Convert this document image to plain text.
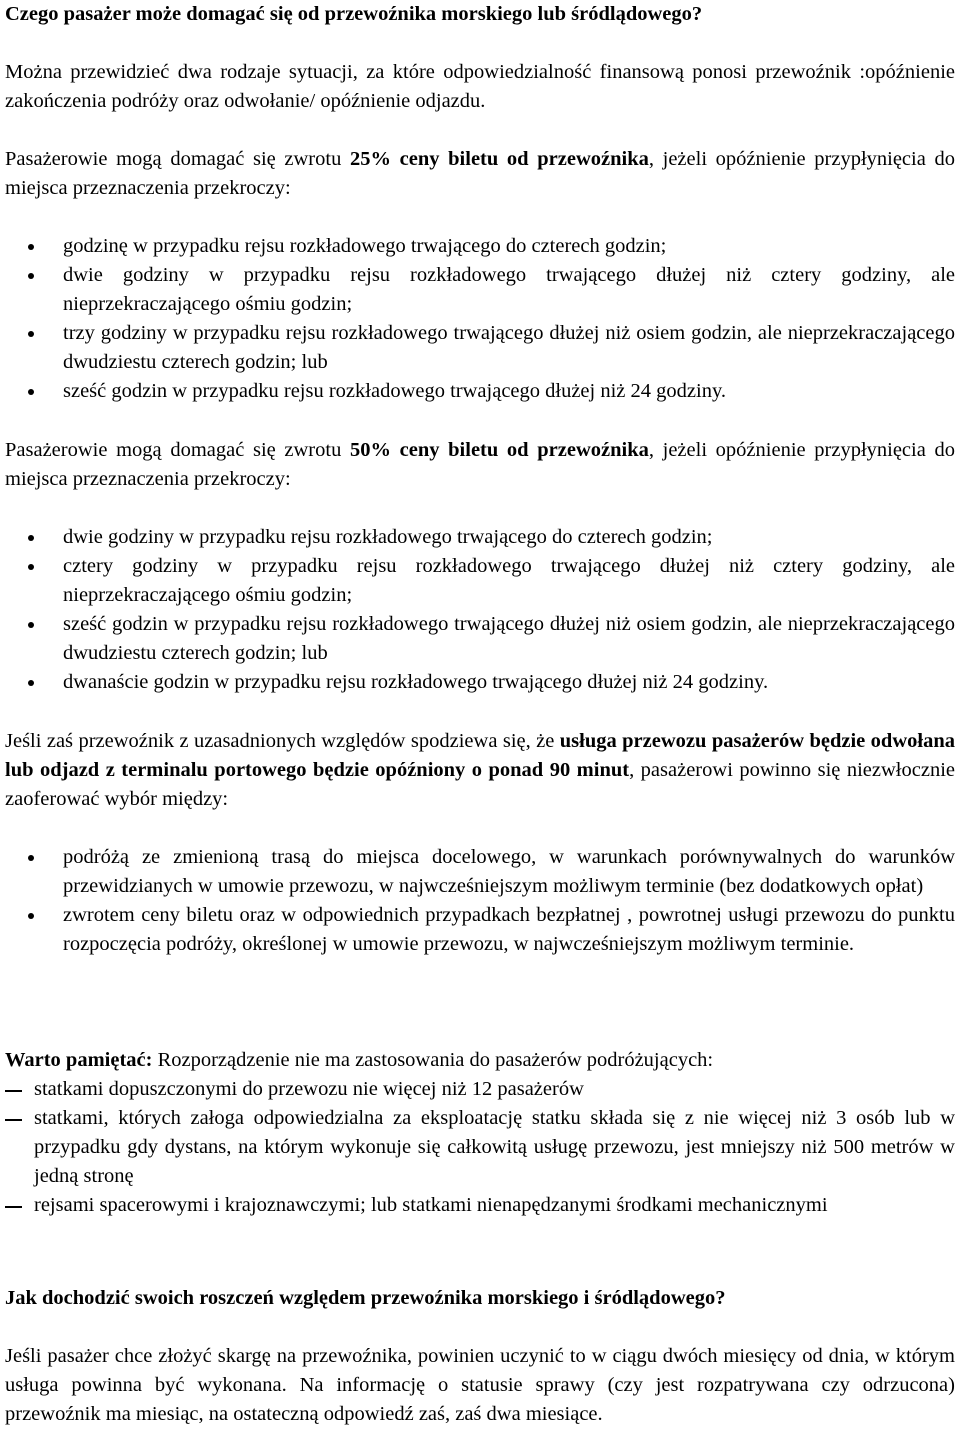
Czego pasażer może domagać się od przewoźnika morskiego lub śródlądowego?

Można przewidzieć dwa rodzaje sytuacji, za które odpowiedzialność finansową ponosi przewoźnik :opóźnienie zakończenia podróży oraz odwołanie/ opóźnienie odjazdu.

Pasażerowie mogą domagać się zwrotu 25% ceny biletu od przewoźnika, jeżeli opóźnienie przypłynięcia do miejsca przeznaczenia przekroczy:

godzinę w przypadku rejsu rozkładowego trwającego do czterech godzin;
dwie godziny w przypadku rejsu rozkładowego trwającego dłużej niż cztery godziny, ale nieprzekraczającego ośmiu godzin;
trzy godziny w przypadku rejsu rozkładowego trwającego dłużej niż osiem godzin, ale nieprzekraczającego dwudziestu czterech godzin; lub
sześć godzin w przypadku rejsu rozkładowego trwającego dłużej niż 24 godziny.

Pasażerowie mogą domagać się zwrotu 50% ceny biletu od przewoźnika, jeżeli opóźnienie przypłynięcia do miejsca przeznaczenia przekroczy:

dwie godziny w przypadku rejsu rozkładowego trwającego do czterech godzin;
cztery godziny w przypadku rejsu rozkładowego trwającego dłużej niż cztery godziny, ale nieprzekraczającego ośmiu godzin;
sześć godzin w przypadku rejsu rozkładowego trwającego dłużej niż osiem godzin, ale nieprzekraczającego dwudziestu czterech godzin; lub
dwanaście godzin w przypadku rejsu rozkładowego trwającego dłużej niż 24 godziny.

Jeśli zaś przewoźnik z uzasadnionych względów spodziewa się, że usługa przewozu pasażerów będzie odwołana lub odjazd z terminalu portowego będzie opóźniony o ponad 90 minut, pasażerowi powinno się niezwłocznie zaoferować wybór między:

podróżą ze zmienioną trasą do miejsca docelowego, w warunkach porównywalnych do warunków przewidzianych w umowie przewozu, w najwcześniejszym możliwym terminie (bez dodatkowych opłat)
zwrotem ceny biletu oraz w odpowiednich przypadkach bezpłatnej , powrotnej usługi przewozu do punktu rozpoczęcia podróży, określonej w umowie przewozu, w najwcześniejszym możliwym terminie.

Warto pamiętać: Rozporządzenie nie ma zastosowania do pasażerów podróżujących:

statkami dopuszczonymi do przewozu nie więcej niż 12 pasażerów
statkami, których załoga odpowiedzialna za eksploatację statku składa się z nie więcej niż 3 osób lub w przypadku gdy dystans, na którym wykonuje się całkowitą usługę przewozu, jest mniejszy niż 500 metrów w jedną stronę
rejsami spacerowymi i krajoznawczymi; lub statkami nienapędzanymi środkami mechanicznymi

Jak dochodzić swoich roszczeń względem przewoźnika morskiego i śródlądowego?

Jeśli pasażer chce złożyć skargę na przewoźnika, powinien uczynić to w ciągu dwóch miesięcy od dnia, w którym usługa powinna być wykonana. Na informację o statusie sprawy (czy jest rozpatrywana czy odrzucona) przewoźnik ma miesiąc, na ostateczną odpowiedź zaś, zaś dwa miesiące.
